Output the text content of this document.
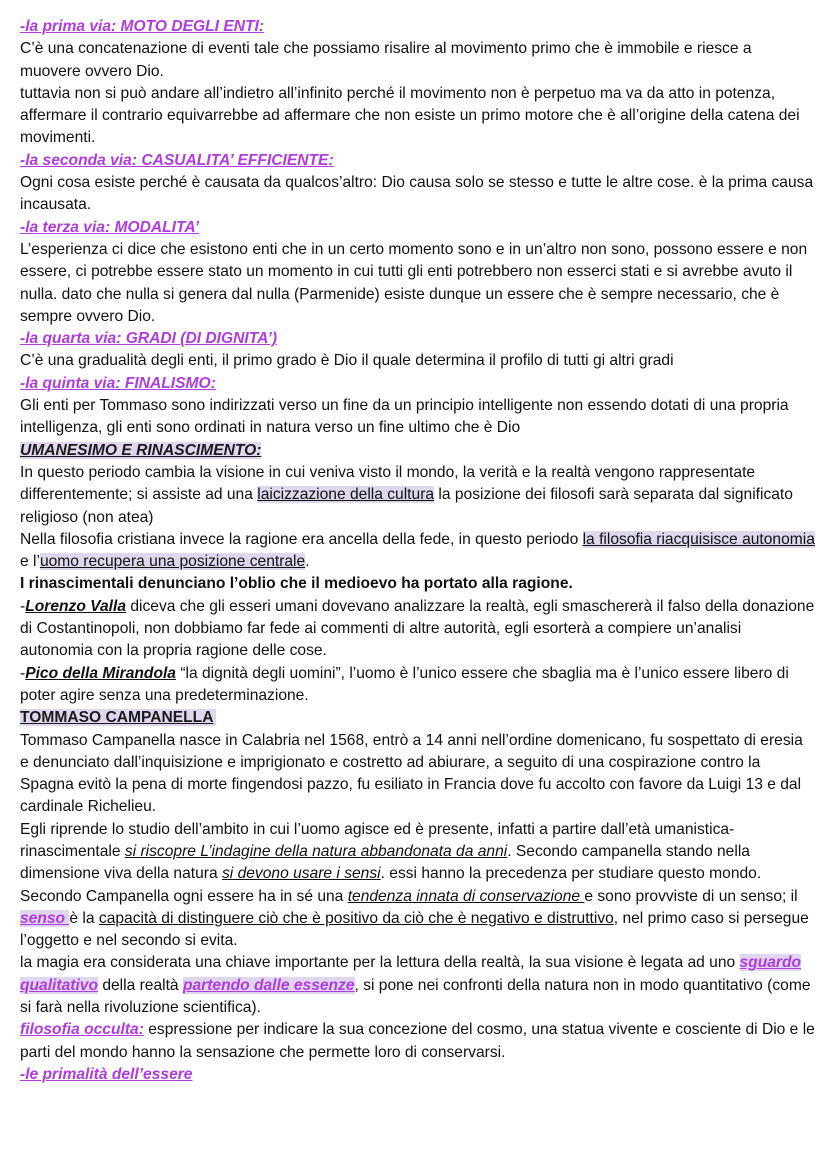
-la prima via: MOTO DEGLI ENTI:

C’è una concatenazione di eventi tale che possiamo risalire al movimento primo che è immobile e riesce a muovere ovvero Dio.

tuttavia non si può andare all’indietro all’infinito perché il movimento non è perpetuo ma va da atto in potenza, affermare il contrario equivarrebbe ad affermare che non esiste un primo motore che è all’origine della catena dei movimenti.

-la seconda via: CASUALITA’ EFFICIENTE:

Ogni cosa esiste perché è causata da qualcos’altro: Dio causa solo se stesso e tutte le altre cose. è la prima causa incausata.

-la terza via: MODALITA’

L’esperienza ci dice che esistono enti che in un certo momento sono e in un’altro non sono, possono essere e non essere, ci potrebbe essere stato un momento in cui tutti gli enti potrebbero non esserci stati e si avrebbe avuto il nulla. dato che nulla si genera dal nulla (Parmenide) esiste dunque un essere che è sempre necessario, che è sempre ovvero Dio.

-la quarta via: GRADI (DI DIGNITA’)

C’è una gradualità degli enti, il primo grado è Dio il quale determina il profilo di tutti gi altri gradi

-la quinta via: FINALISMO:

Gli enti per Tommaso sono indirizzati verso un fine da un principio intelligente non essendo dotati di una propria intelligenza, gli enti sono ordinati in natura verso un fine ultimo che è Dio

UMANESIMO E RINASCIMENTO:

In questo periodo cambia la visione in cui veniva visto il mondo, la verità e la realtà vengono rappresentate differentemente; si assiste ad una laicizzazione della cultura la posizione dei filosofi sarà separata dal significato religioso (non atea)

Nella filosofia cristiana invece la ragione era ancella della fede, in questo periodo la filosofia riacquisisce autonomia e l’uomo recupera una posizione centrale.

I rinascimentali denunciano l’oblio che il medioevo ha portato alla ragione.

-Lorenzo Valla diceva che gli esseri umani dovevano analizzare la realtà, egli smaschererà il falso della donazione di Costantinopoli, non dobbiamo far fede ai commenti di altre autorità, egli esorterà a compiere un’analisi autonomia con la propria ragione delle cose.

-Pico della Mirandola “la dignità degli uomini”, l’uomo è l’unico essere che sbaglia ma è l’unico essere libero di poter agire senza una predeterminazione.

TOMMASO CAMPANELLA

Tommaso Campanella nasce in Calabria nel 1568, entrò a 14 anni nell’ordine domenicano, fu sospettato di eresia e denunciato dall’inquisizione e imprigionato e costretto ad abiurare, a seguito di una cospirazione contro la Spagna evitò la pena di morte fingendosi pazzo, fu esiliato in Francia dove fu accolto con favore da Luigi 13 e dal cardinale Richelieu.

Egli riprende lo studio dell’ambito in cui l’uomo agisce ed è presente, infatti a partire dall’età umanistica-rinascimentale si riscopre L’indagine della natura abbandonata da anni. Secondo campanella stando nella dimensione viva della natura si devono usare i sensi. essi hanno la precedenza per studiare questo mondo.

Secondo Campanella ogni essere ha in sé una tendenza innata di conservazione e sono provviste di un senso; il senso è la capacità di distinguere ciò che è positivo da ciò che è negativo e distruttivo, nel primo caso si persegue l’oggetto e nel secondo si evita.

la magia era considerata una chiave importante per la lettura della realtà, la sua visione è legata ad uno sguardo qualitativo della realtà partendo dalle essenze, si pone nei confronti della natura non in modo quantitativo (come si farà nella rivoluzione scientifica).

filosofia occulta: espressione per indicare la sua concezione del cosmo, una statua vivente e cosciente di Dio e le parti del mondo hanno la sensazione che permette loro di conservarsi.

-le primalità dell’essere
